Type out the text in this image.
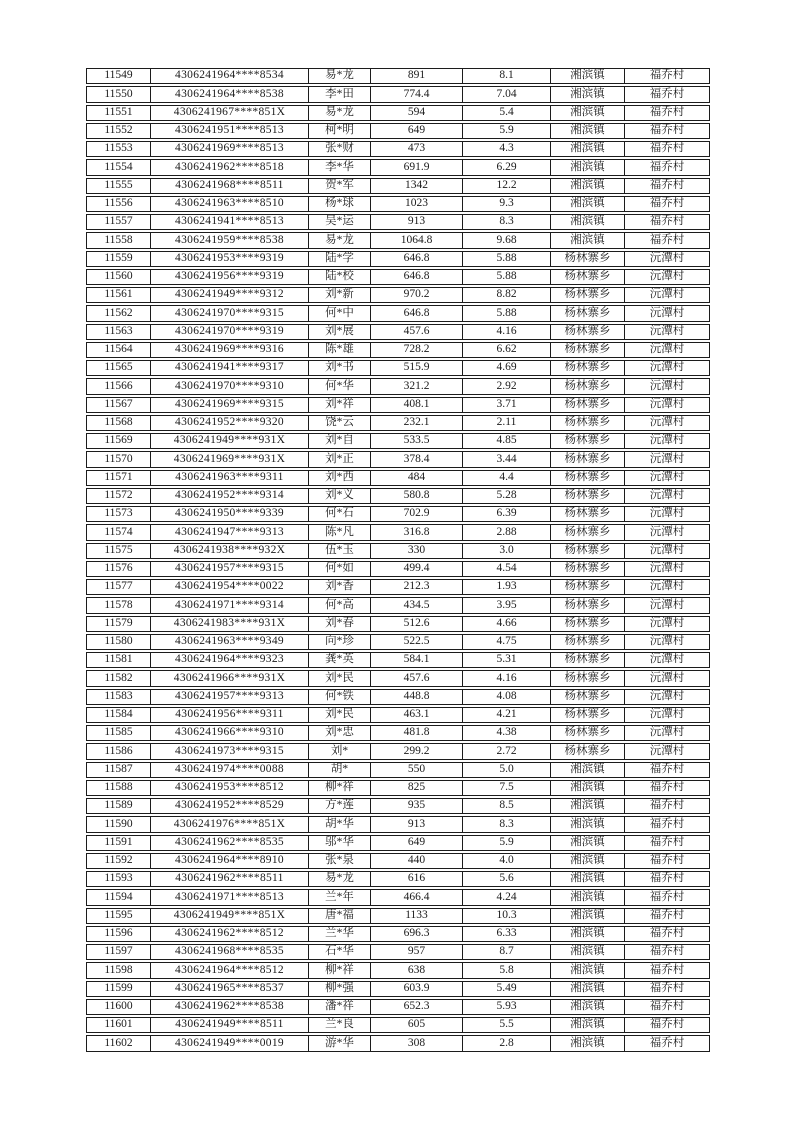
11549	4306241964****8534	易*龙	891	8.1	湘滨镇	福乔村
11550	4306241964****8538	李*田	774.4	7.04	湘滨镇	福乔村
11551	4306241967****851X	易*龙	594	5.4	湘滨镇	福乔村
11552	4306241951****8513	柯*明	649	5.9	湘滨镇	福乔村
11553	4306241969****8513	张*财	473	4.3	湘滨镇	福乔村
11554	4306241962****8518	李*华	691.9	6.29	湘滨镇	福乔村
11555	4306241968****8511	贺*军	1342	12.2	湘滨镇	福乔村
11556	4306241963****8510	杨*球	1023	9.3	湘滨镇	福乔村
11557	4306241941****8513	吴*运	913	8.3	湘滨镇	福乔村
11558	4306241959****8538	易*龙	1064.8	9.68	湘滨镇	福乔村
11559	4306241953****9319	陆*学	646.8	5.88	杨林寨乡	沅潭村
11560	4306241956****9319	陆*校	646.8	5.88	杨林寨乡	沅潭村
11561	4306241949****9312	刘*新	970.2	8.82	杨林寨乡	沅潭村
11562	4306241970****9315	何*中	646.8	5.88	杨林寨乡	沅潭村
11563	4306241970****9319	刘*展	457.6	4.16	杨林寨乡	沅潭村
11564	4306241969****9316	陈*雄	728.2	6.62	杨林寨乡	沅潭村
11565	4306241941****9317	刘*书	515.9	4.69	杨林寨乡	沅潭村
11566	4306241970****9310	何*华	321.2	2.92	杨林寨乡	沅潭村
11567	4306241969****9315	刘*祥	408.1	3.71	杨林寨乡	沅潭村
11568	4306241952****9320	饶*云	232.1	2.11	杨林寨乡	沅潭村
11569	4306241949****931X	刘*自	533.5	4.85	杨林寨乡	沅潭村
11570	4306241969****931X	刘*正	378.4	3.44	杨林寨乡	沅潭村
11571	4306241963****9311	刘*西	484	4.4	杨林寨乡	沅潭村
11572	4306241952****9314	刘*义	580.8	5.28	杨林寨乡	沅潭村
11573	4306241950****9339	何*石	702.9	6.39	杨林寨乡	沅潭村
11574	4306241947****9313	陈*凡	316.8	2.88	杨林寨乡	沅潭村
11575	4306241938****932X	伍*玉	330	3.0	杨林寨乡	沅潭村
11576	4306241957****9315	何*如	499.4	4.54	杨林寨乡	沅潭村
11577	4306241954****0022	刘*香	212.3	1.93	杨林寨乡	沅潭村
11578	4306241971****9314	何*高	434.5	3.95	杨林寨乡	沅潭村
11579	4306241983****931X	刘*春	512.6	4.66	杨林寨乡	沅潭村
11580	4306241963****9349	向*珍	522.5	4.75	杨林寨乡	沅潭村
11581	4306241964****9323	龚*英	584.1	5.31	杨林寨乡	沅潭村
11582	4306241966****931X	刘*民	457.6	4.16	杨林寨乡	沅潭村
11583	4306241957****9313	何*铁	448.8	4.08	杨林寨乡	沅潭村
11584	4306241956****9311	刘*民	463.1	4.21	杨林寨乡	沅潭村
11585	4306241966****9310	刘*忠	481.8	4.38	杨林寨乡	沅潭村
11586	4306241973****9315	刘*	299.2	2.72	杨林寨乡	沅潭村
11587	4306241974****0088	胡*	550	5.0	湘滨镇	福乔村
11588	4306241953****8512	柳*祥	825	7.5	湘滨镇	福乔村
11589	4306241952****8529	方*莲	935	8.5	湘滨镇	福乔村
11590	4306241976****851X	胡*华	913	8.3	湘滨镇	福乔村
11591	4306241962****8535	邬*华	649	5.9	湘滨镇	福乔村
11592	4306241964****8910	张*泉	440	4.0	湘滨镇	福乔村
11593	4306241962****8511	易*龙	616	5.6	湘滨镇	福乔村
11594	4306241971****8513	兰*年	466.4	4.24	湘滨镇	福乔村
11595	4306241949****851X	唐*福	1133	10.3	湘滨镇	福乔村
11596	4306241962****8512	兰*华	696.3	6.33	湘滨镇	福乔村
11597	4306241968****8535	石*华	957	8.7	湘滨镇	福乔村
11598	4306241964****8512	柳*祥	638	5.8	湘滨镇	福乔村
11599	4306241965****8537	柳*强	603.9	5.49	湘滨镇	福乔村
11600	4306241962****8538	潘*祥	652.3	5.93	湘滨镇	福乔村
11601	4306241949****8511	兰*良	605	5.5	湘滨镇	福乔村
11602	4306241949****0019	游*华	308	2.8	湘滨镇	福乔村
